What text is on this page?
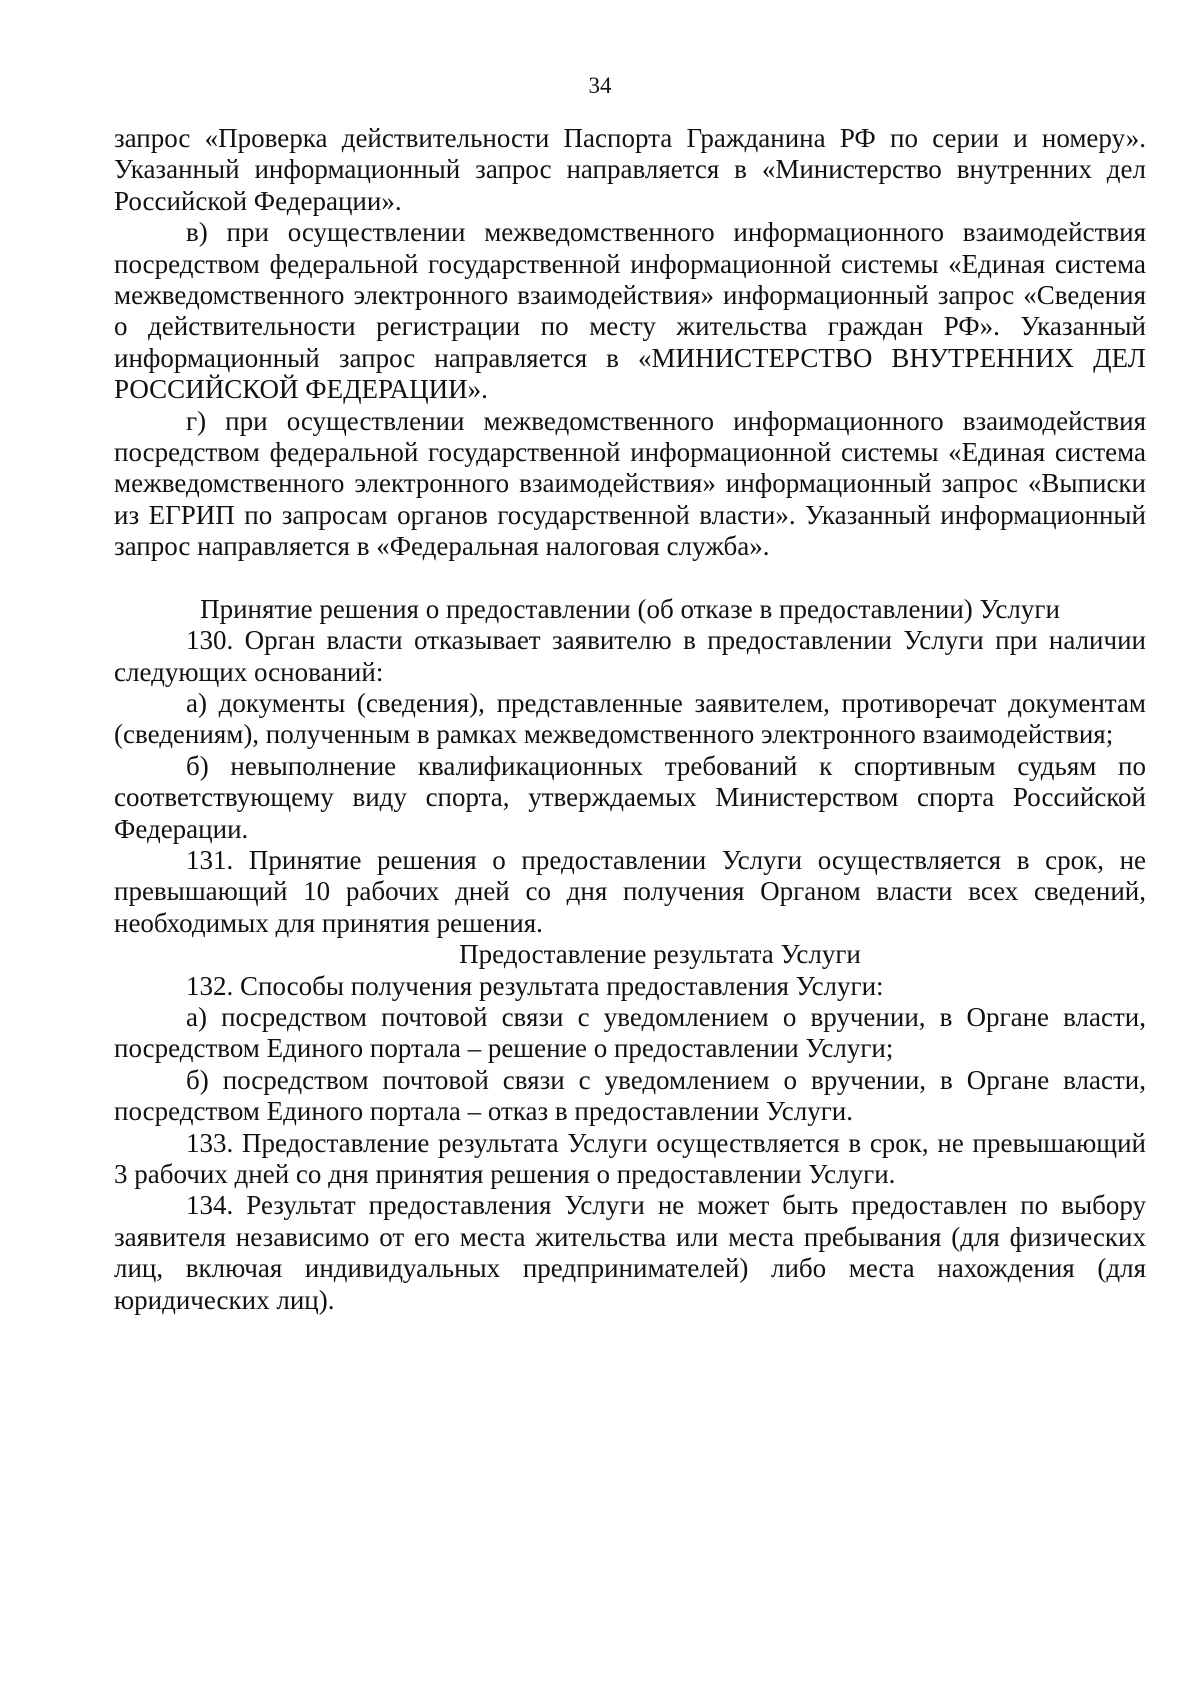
34

запрос «Проверка действительности Паспорта Гражданина РФ по серии и номеру». Указанный информационный запрос направляется в «Министерство внутренних дел Российской Федерации».

в) при осуществлении межведомственного информационного взаимодействия посредством федеральной государственной информационной системы «Единая система межведомственного электронного взаимодействия» информационный запрос «Сведения о действительности регистрации по месту жительства граждан РФ». Указанный информационный запрос направляется в «МИНИСТЕРСТВО ВНУТРЕННИХ ДЕЛ РОССИЙСКОЙ ФЕДЕРАЦИИ».

г) при осуществлении межведомственного информационного взаимодействия посредством федеральной государственной информационной системы «Единая система межведомственного электронного взаимодействия» информационный запрос «Выписки из ЕГРИП по запросам органов государственной власти». Указанный информационный запрос направляется в «Федеральная налоговая служба».

Принятие решения о предоставлении (об отказе в предоставлении) Услуги

130. Орган власти отказывает заявителю в предоставлении Услуги при наличии следующих оснований:

а) документы (сведения), представленные заявителем, противоречат документам (сведениям), полученным в рамках межведомственного электронного взаимодействия;

б) невыполнение квалификационных требований к спортивным судьям по соответствующему виду спорта, утверждаемых Министерством спорта Российской Федерации.

131. Принятие решения о предоставлении Услуги осуществляется в срок, не превышающий 10 рабочих дней со дня получения Органом власти всех сведений, необходимых для принятия решения.

Предоставление результата Услуги

132. Способы получения результата предоставления Услуги:

а) посредством почтовой связи с уведомлением о вручении, в Органе власти, посредством Единого портала – решение о предоставлении Услуги;

б) посредством почтовой связи с уведомлением о вручении, в Органе власти, посредством Единого портала – отказ в предоставлении Услуги.

133. Предоставление результата Услуги осуществляется в срок, не превышающий 3 рабочих дней со дня принятия решения о предоставлении Услуги.

134. Результат предоставления Услуги не может быть предоставлен по выбору заявителя независимо от его места жительства или места пребывания (для физических лиц, включая индивидуальных предпринимателей) либо места нахождения (для юридических лиц).
